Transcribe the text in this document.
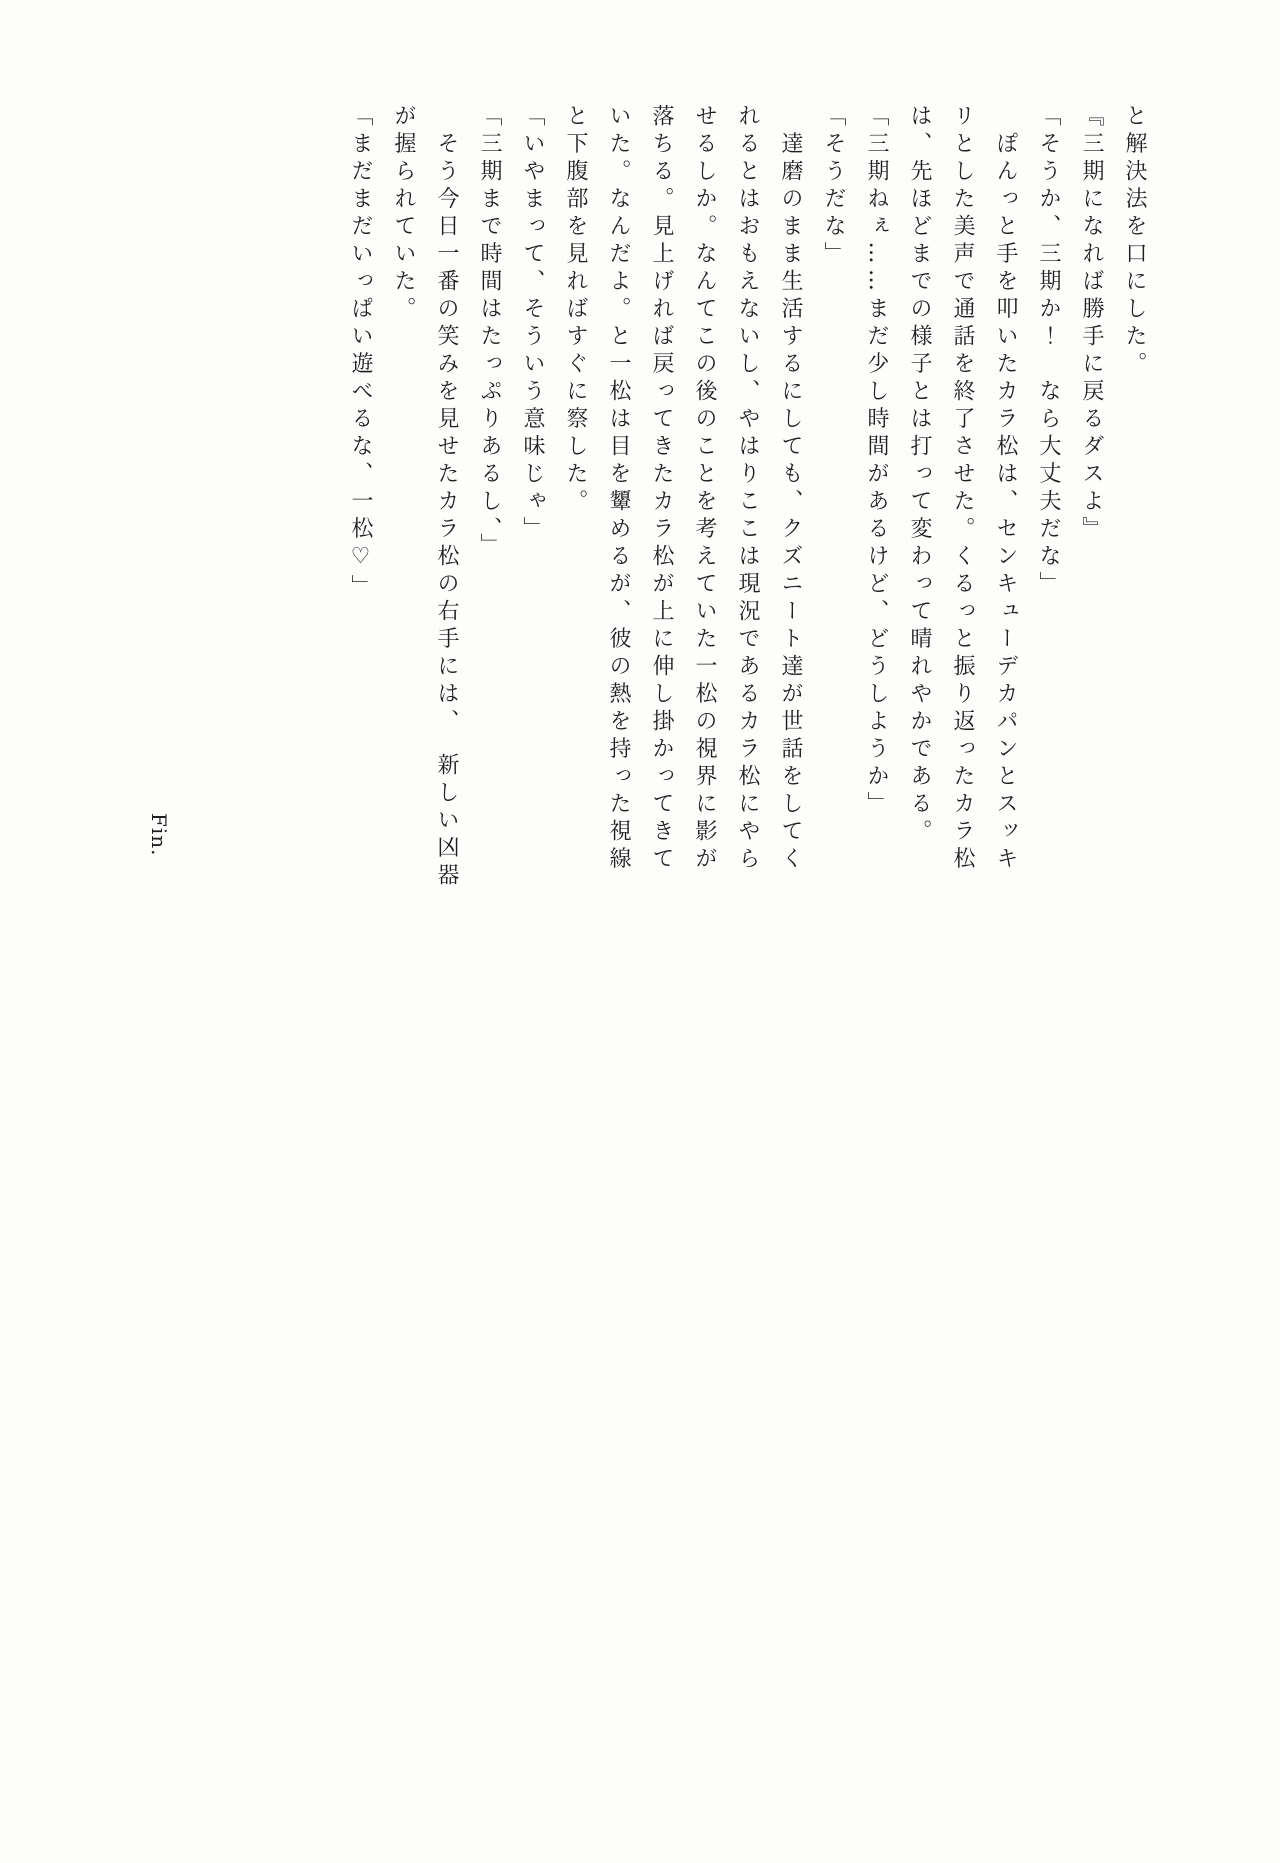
と解決法を口にした。

『三期になれば勝手に戻るダスよ』

「そうか、三期か！　なら大丈夫だな」

　ぽんっと手を叩いたカラ松は、センキューデカパンとスッキ

リとした美声で通話を終了させた。くるっと振り返ったカラ松

は、先ほどまでの様子とは打って変わって晴れやかである。

「三期ねぇ……まだ少し時間があるけど、どうしようか」

「そうだな」

　達磨のまま生活するにしても、クズニート達が世話をしてく

れるとはおもえないし、やはりここは現況であるカラ松にやら

せるしか。なんてこの後のことを考えていた一松の視界に影が

落ちる。見上げれば戻ってきたカラ松が上に伸し掛かってきて

いた。なんだよ。と一松は目を顰めるが、彼の熱を持った視線

と下腹部を見ればすぐに察した。

「いやまって、そういう意味じゃ」

「三期まで時間はたっぷりあるし、」

　そう今日一番の笑みを見せたカラ松の右手には、　新しい凶器

が握られていた。

「まだまだいっぱい遊べるな、一松♡」

Fin.
